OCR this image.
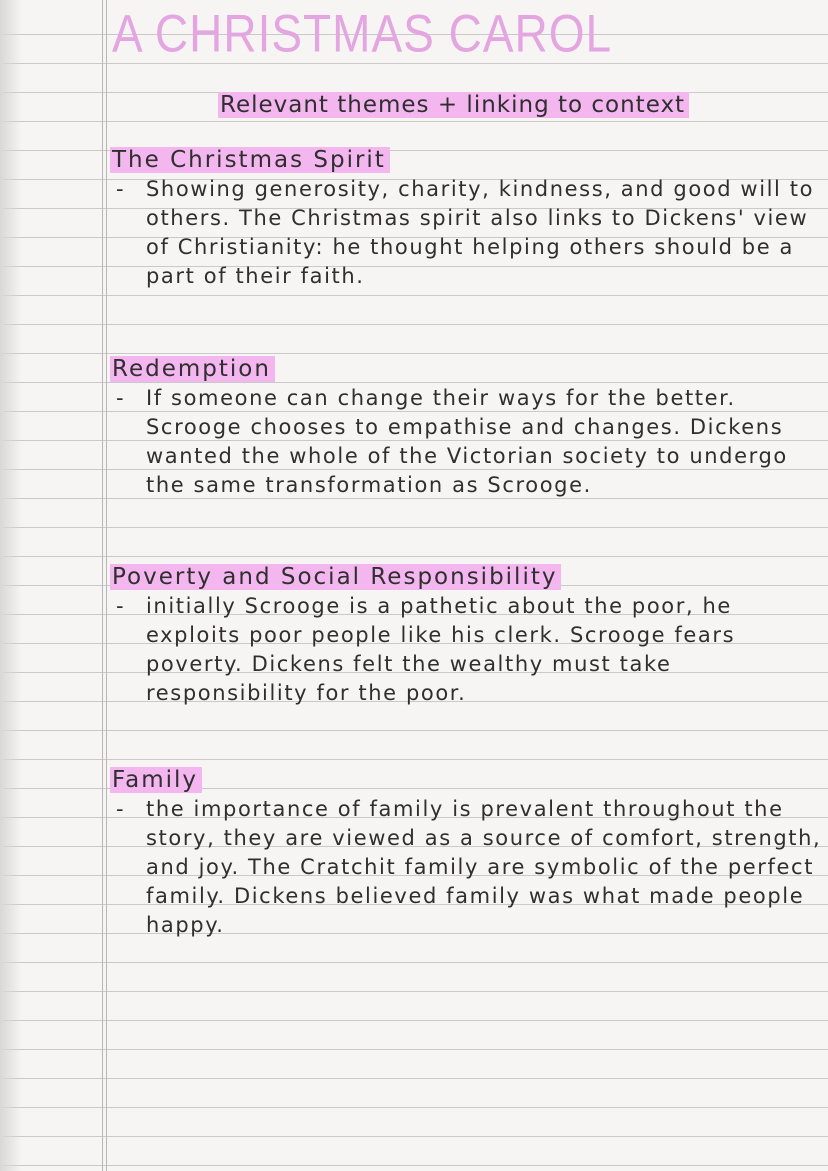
A CHRISTMAS CAROL

Relevant themes + linking to context

The Christmas Spirit
- Showing generosity, charity, kindness, and good will to others. The Christmas spirit also links to Dickens' view of Christianity: he thought helping others should be a part of their faith.
Redemption
- If someone can change their ways for the better. Scrooge chooses to empathise and changes. Dickens wanted the whole of the Victorian society to undergo the same transformation as Scrooge.
Poverty and Social Responsibility
- initially Scrooge is a pathetic about the poor, he exploits poor people like his clerk. Scrooge fears poverty. Dickens felt the wealthy must take responsibility for the poor.
Family
- the importance of family is prevalent throughout the story, they are viewed as a source of comfort, strength, and joy. The Cratchit family are symbolic of the perfect family. Dickens believed family was what made people happy.
